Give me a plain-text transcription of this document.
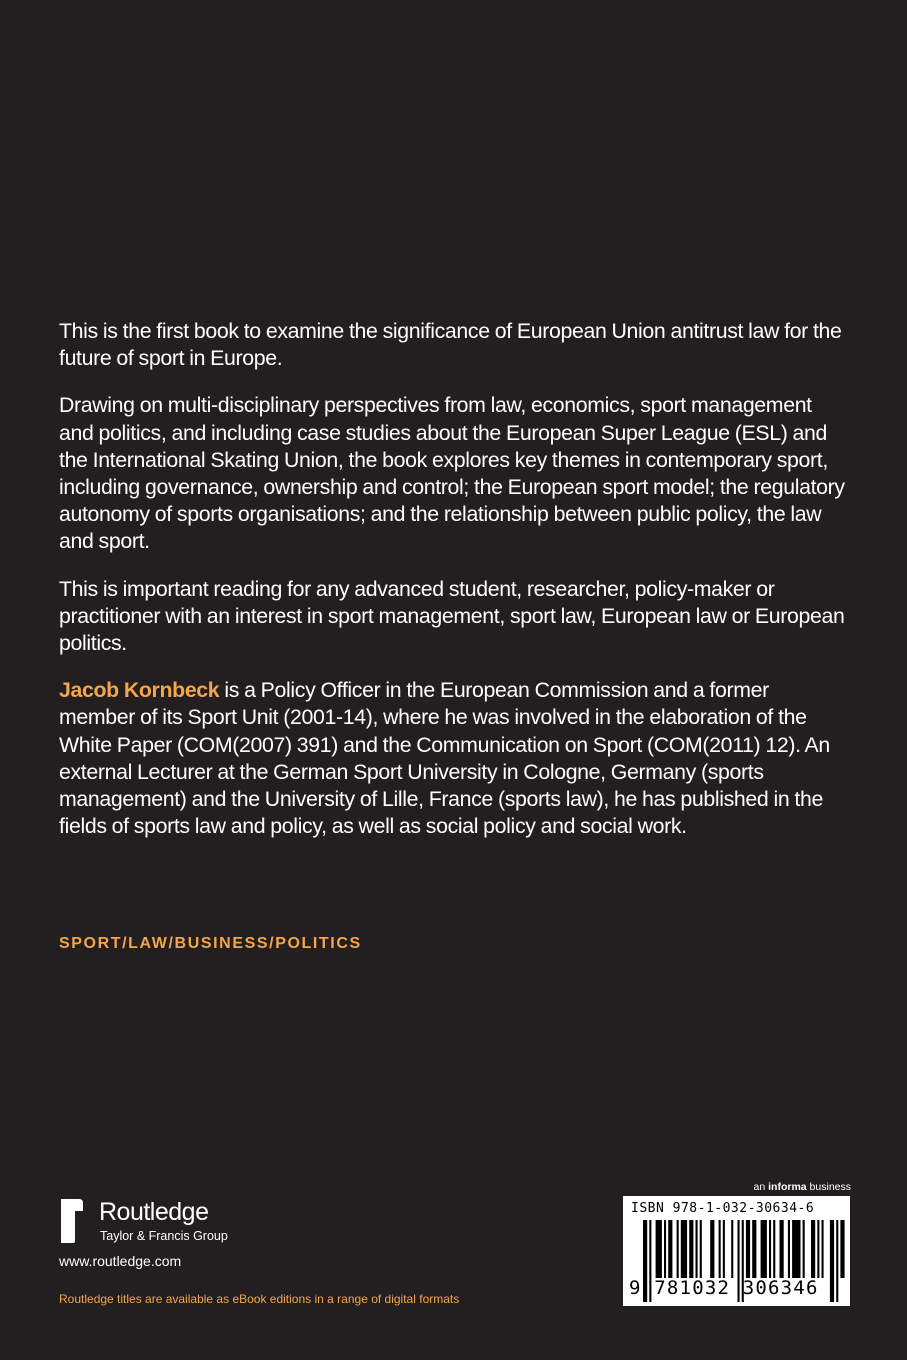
This is the first book to examine the significance of European Union antitrust law for the future of sport in Europe.

Drawing on multi-disciplinary perspectives from law, economics, sport management and politics, and including case studies about the European Super League (ESL) and the International Skating Union, the book explores key themes in contemporary sport, including governance, ownership and control; the European sport model; the regulatory autonomy of sports organisations; and the relationship between public policy, the law and sport.

This is important reading for any advanced student, researcher, policy-maker or practitioner with an interest in sport management, sport law, European law or European politics.

Jacob Kornbeck is a Policy Officer in the European Commission and a former member of its Sport Unit (2001-14), where he was involved in the elaboration of the White Paper (COM(2007) 391) and the Communication on Sport (COM(2011) 12). An external Lecturer at the German Sport University in Cologne, Germany (sports management) and the University of Lille, France (sports law), he has published in the fields of sports law and policy, as well as social policy and social work.

SPORT/LAW/BUSINESS/POLITICS
ROUTLEDGE
Routledge
Taylor & Francis Group
www.routledge.com
Routledge titles are available as eBook editions in a range of digital formats
an informa business
ISBN 978-1-032-30634-6
9 781032 306346
